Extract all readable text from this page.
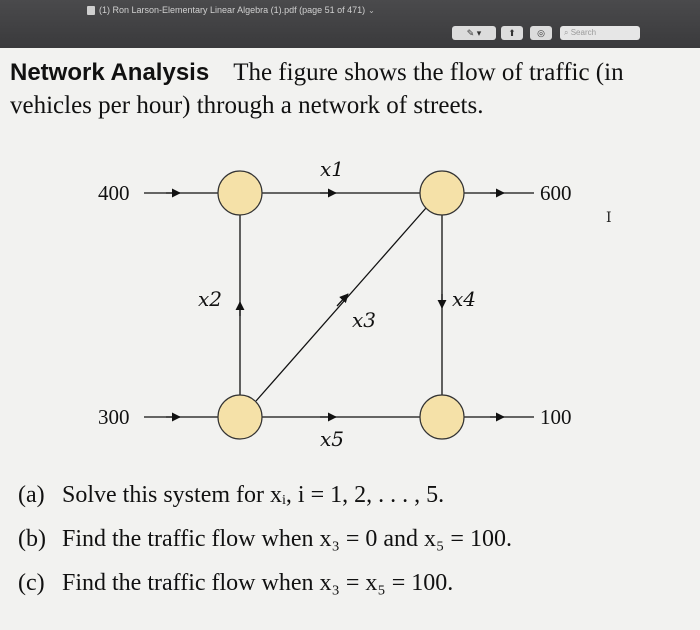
(1) Ron Larson-Elementary Linear Algebra (1).pdf (page 51 of 471) ⌄
✎ ▾	⬆	◎	⌕ Search
Network Analysis The figure shows the flow of traffic (in vehicles per hour) through a network of streets.
400	600
300	100
x1
x2
x3
x4
x5
(a) Solve this system for xᵢ, i = 1, 2, . . . , 5.
(b) Find the traffic flow when x₃ = 0 and x₅ = 100.
(c) Find the traffic flow when x₃ = x₅ = 100.
I
